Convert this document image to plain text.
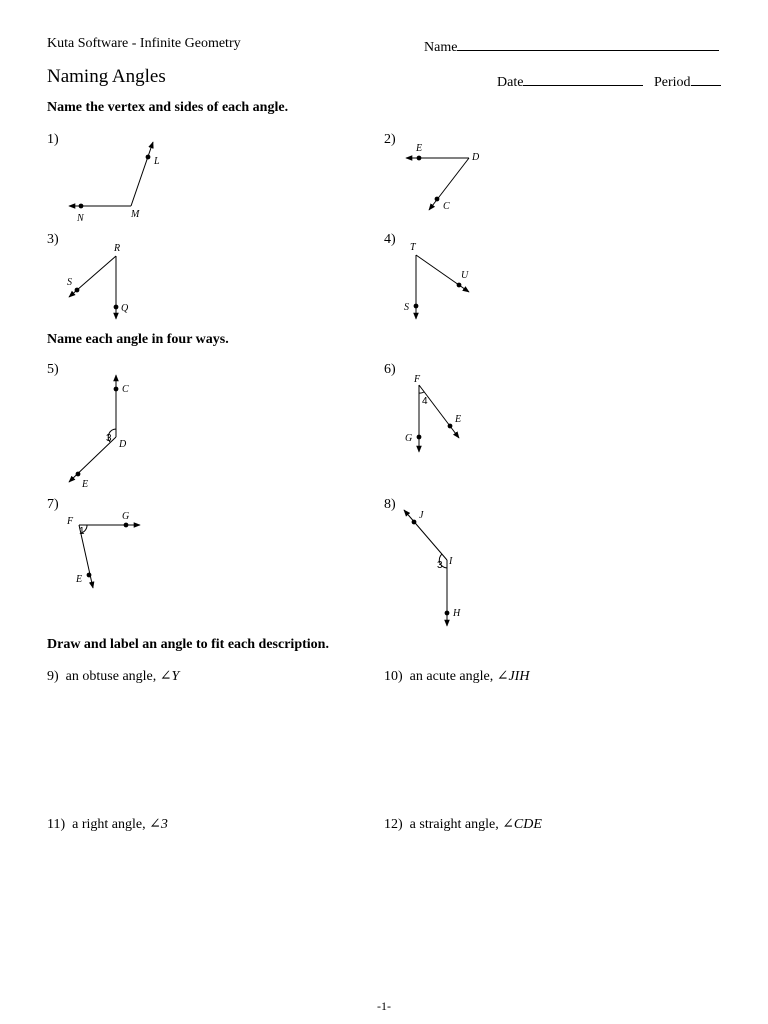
Kuta Software - Infinite Geometry	Name
Naming Angles	Date	Period
Name the vertex and sides of each angle.
1)
L
M
N
E
D
C
R
S
Q
T
U
S
C
D
E
3
F
E
G
4
F	G
E
1
J
I
H
3
2)
3)	4)
Name each angle in four ways.
5)	6)
7)	8)
Draw and label an angle to fit each description.
9) an obtuse angle, ∠Y	10) an acute angle, ∠JIH
11) a right angle, ∠3	12) a straight angle, ∠CDE
-1-
